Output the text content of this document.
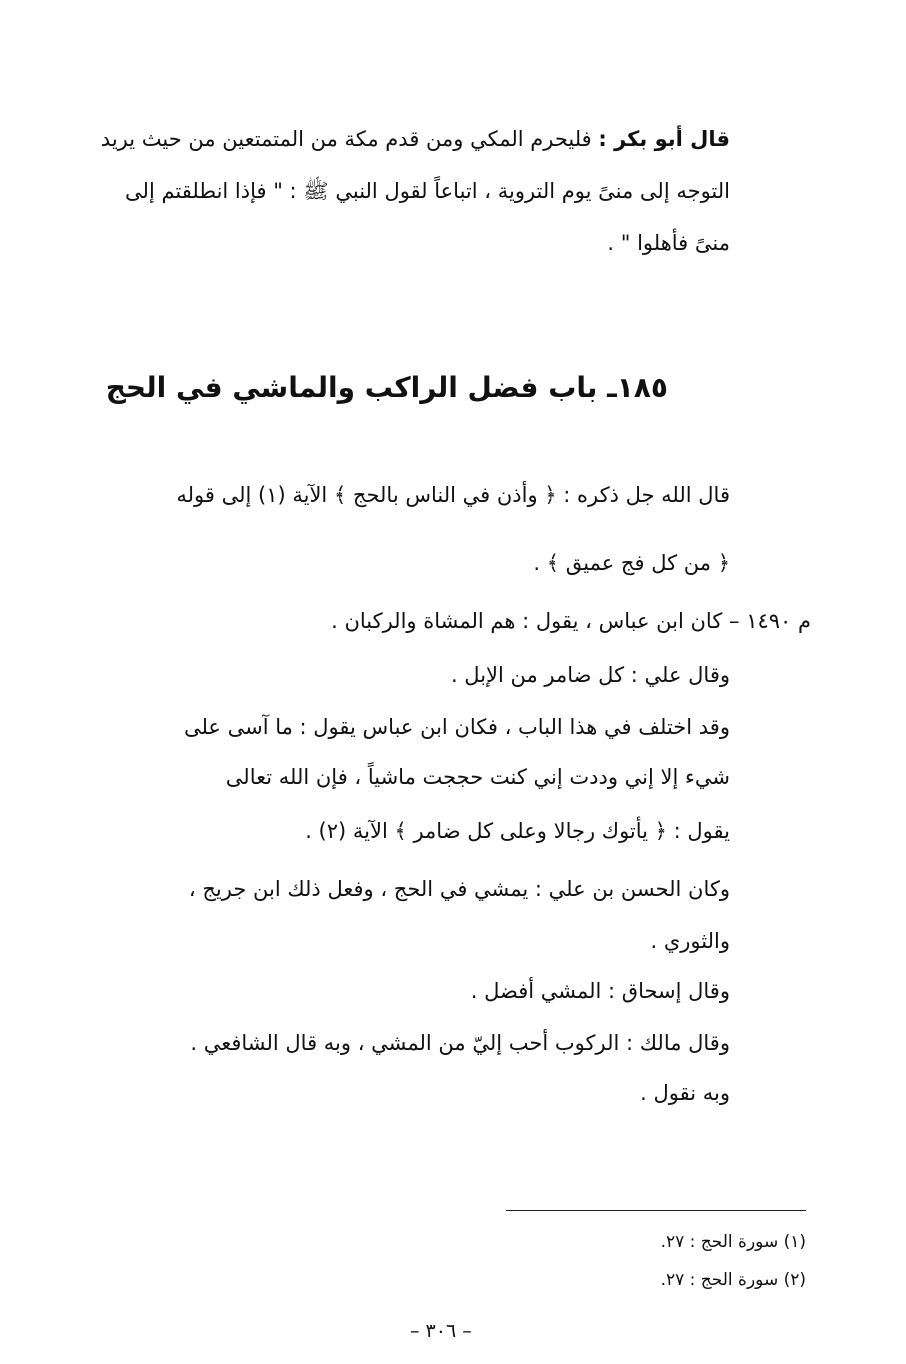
قال أبو بكر : فليحرم المكي ومن قدم مكة من المتمتعين من حيث يريد
التوجه إلى منىً يوم التروية ، اتباعاً لقول النبي ﷺ : " فإذا انطلقتم إلى
منىً فأهلوا " .
١٨٥ـ باب فضل الراكب والماشي في الحج
قال الله جل ذكره : ﴿ وأذن في الناس بالحج ﴾ الآية (١) إلى قوله
﴿ من كل فج عميق ﴾ .
م ١٤٩٠ – كان ابن عباس ، يقول : هم المشاة والركبان .
وقال علي : كل ضامر من الإبل .
وقد اختلف في هذا الباب ، فكان ابن عباس يقول : ما آسى على
شيء إلا إني وددت إني كنت حججت ماشياً ، فإن الله تعالى
يقول : ﴿ يأتوك رجالا وعلى كل ضامر ﴾ الآية (٢) .
وكان الحسن بن علي : يمشي في الحج ، وفعل ذلك ابن جريج ،
والثوري .
وقال إسحاق : المشي أفضل .
وقال مالك : الركوب أحب إليّ من المشي ، وبه قال الشافعي .
وبه نقول .
(١) سورة الحج : ٢٧.
(٢) سورة الحج : ٢٧.
– ٣٠٦ –
